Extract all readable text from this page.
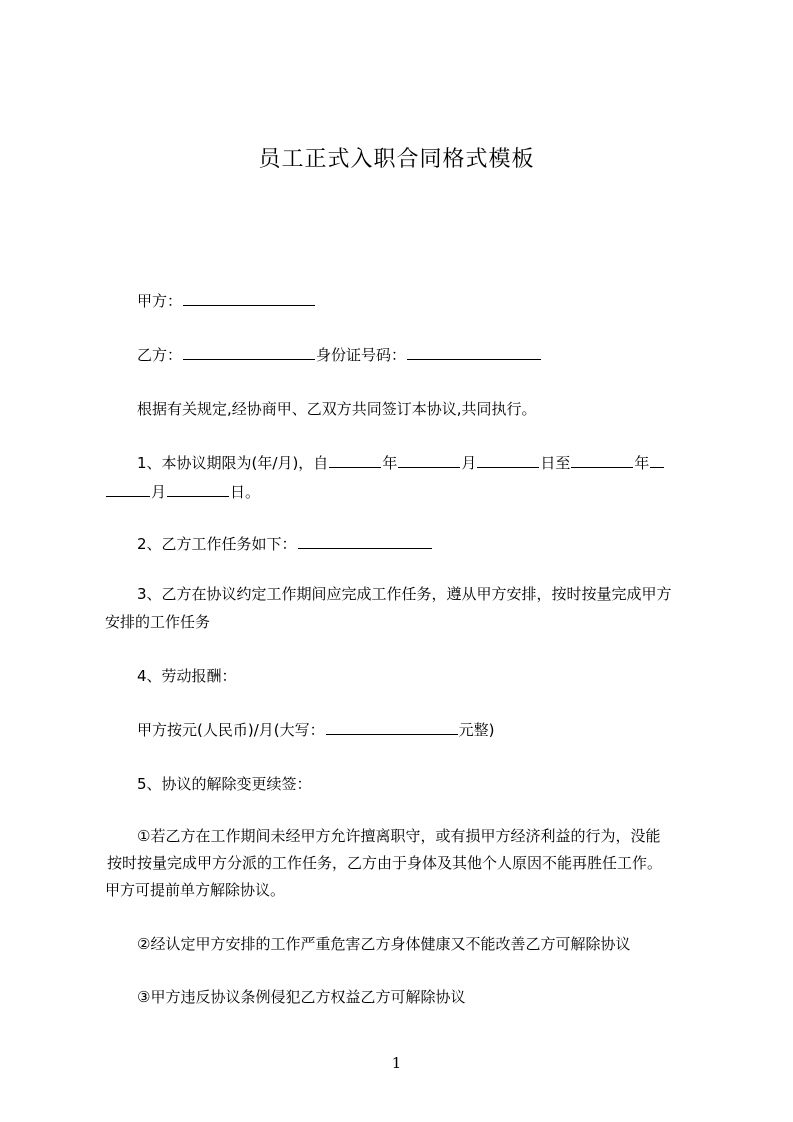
员工正式入职合同格式模板
甲方：
乙方：	身份证号码：
根据有关规定,经协商甲、乙双方共同签订本协议,共同执行。
1、本协议期限为(年/月)，自	年	月	日至	年
月	日。
2、乙方工作任务如下：
3、乙方在协议约定工作期间应完成工作任务，遵从甲方安排，按时按量完成甲方
安排的工作任务
4、劳动报酬：
甲方按元(人民币)/月(大写：	元整)
5、协议的解除变更续签：
①若乙方在工作期间未经甲方允许擅离职守，或有损甲方经济利益的行为，没能
按时按量完成甲方分派的工作任务，乙方由于身体及其他个人原因不能再胜任工作。
甲方可提前单方解除协议。
②经认定甲方安排的工作严重危害乙方身体健康又不能改善乙方可解除协议
③甲方违反协议条例侵犯乙方权益乙方可解除协议
1
